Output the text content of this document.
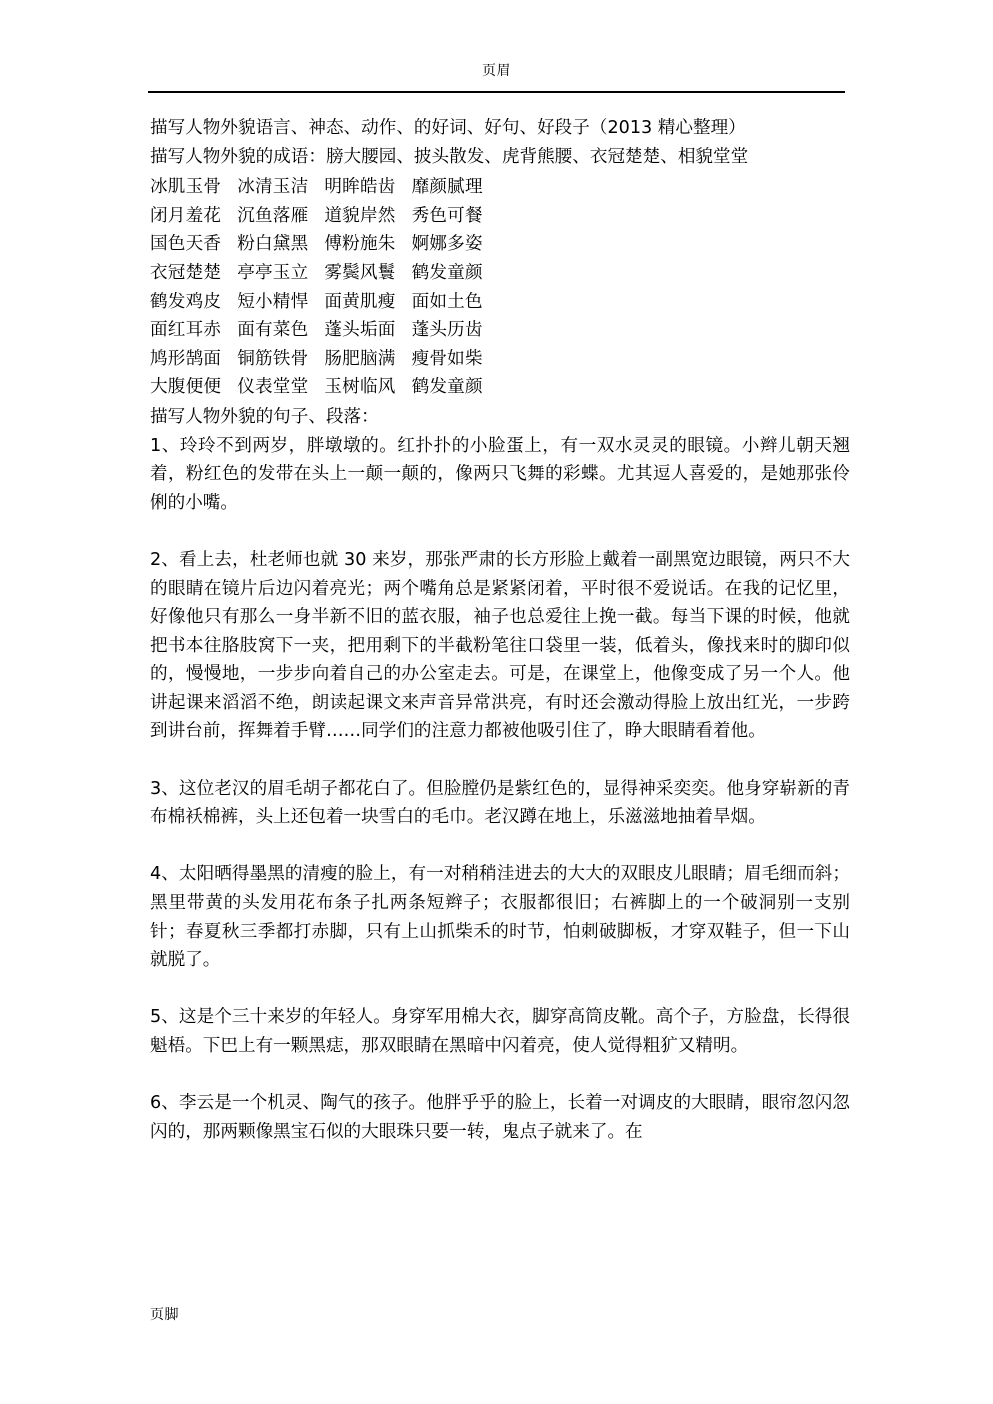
页眉
描写人物外貌语言、神态、动作、的好词、好句、好段子（2013 精心整理）
描写人物外貌的成语：膀大腰园、披头散发、虎背熊腰、衣冠楚楚、相貌堂堂
冰肌玉骨	冰清玉洁	明眸皓齿	靡颜腻理
闭月羞花	沉鱼落雁	道貌岸然	秀色可餐
国色天香	粉白黛黑	傅粉施朱	婀娜多姿
衣冠楚楚	亭亭玉立	雾鬓风鬟	鹤发童颜
鹤发鸡皮	短小精悍	面黄肌瘦	面如土色
面红耳赤	面有菜色	蓬头垢面	蓬头历齿
鸠形鹄面	铜筋铁骨	肠肥脑满	瘦骨如柴
大腹便便	仪表堂堂	玉树临风	鹤发童颜
描写人物外貌的句子、段落：

1、玲玲不到两岁，胖墩墩的。红扑扑的小脸蛋上，有一双水灵灵的眼镜。小辫儿朝天翘着，粉红色的发带在头上一颠一颠的，像两只飞舞的彩蝶。尤其逗人喜爱的，是她那张伶俐的小嘴。

2、看上去，杜老师也就 30 来岁，那张严肃的长方形脸上戴着一副黑宽边眼镜，两只不大的眼睛在镜片后边闪着亮光；两个嘴角总是紧紧闭着，平时很不爱说话。在我的记忆里，好像他只有那么一身半新不旧的蓝衣服，袖子也总爱往上挽一截。每当下课的时候，他就把书本往胳肢窝下一夹，把用剩下的半截粉笔往口袋里一装，低着头，像找来时的脚印似的，慢慢地，一步步向着自己的办公室走去。可是，在课堂上，他像变成了另一个人。他讲起课来滔滔不绝，朗读起课文来声音异常洪亮，有时还会激动得脸上放出红光，一步跨到讲台前，挥舞着手臂……同学们的注意力都被他吸引住了，睁大眼睛看着他。

3、这位老汉的眉毛胡子都花白了。但脸膛仍是紫红色的，显得神采奕奕。他身穿崭新的青布棉袄棉裤，头上还包着一块雪白的毛巾。老汉蹲在地上，乐滋滋地抽着旱烟。

4、太阳晒得墨黑的清瘦的脸上，有一对稍稍洼进去的大大的双眼皮儿眼睛；眉毛细而斜；黑里带黄的头发用花布条子扎两条短辫子；衣服都很旧；右裤脚上的一个破洞别一支别针；春夏秋三季都打赤脚，只有上山抓柴禾的时节，怕刺破脚板，才穿双鞋子，但一下山就脱了。

5、这是个三十来岁的年轻人。身穿军用棉大衣，脚穿高筒皮靴。高个子，方脸盘，长得很魁梧。下巴上有一颗黑痣，那双眼睛在黑暗中闪着亮，使人觉得粗犷又精明。

6、李云是一个机灵、陶气的孩子。他胖乎乎的脸上，长着一对调皮的大眼睛，眼帘忽闪忽闪的，那两颗像黑宝石似的大眼珠只要一转，鬼点子就来了。在

页脚
